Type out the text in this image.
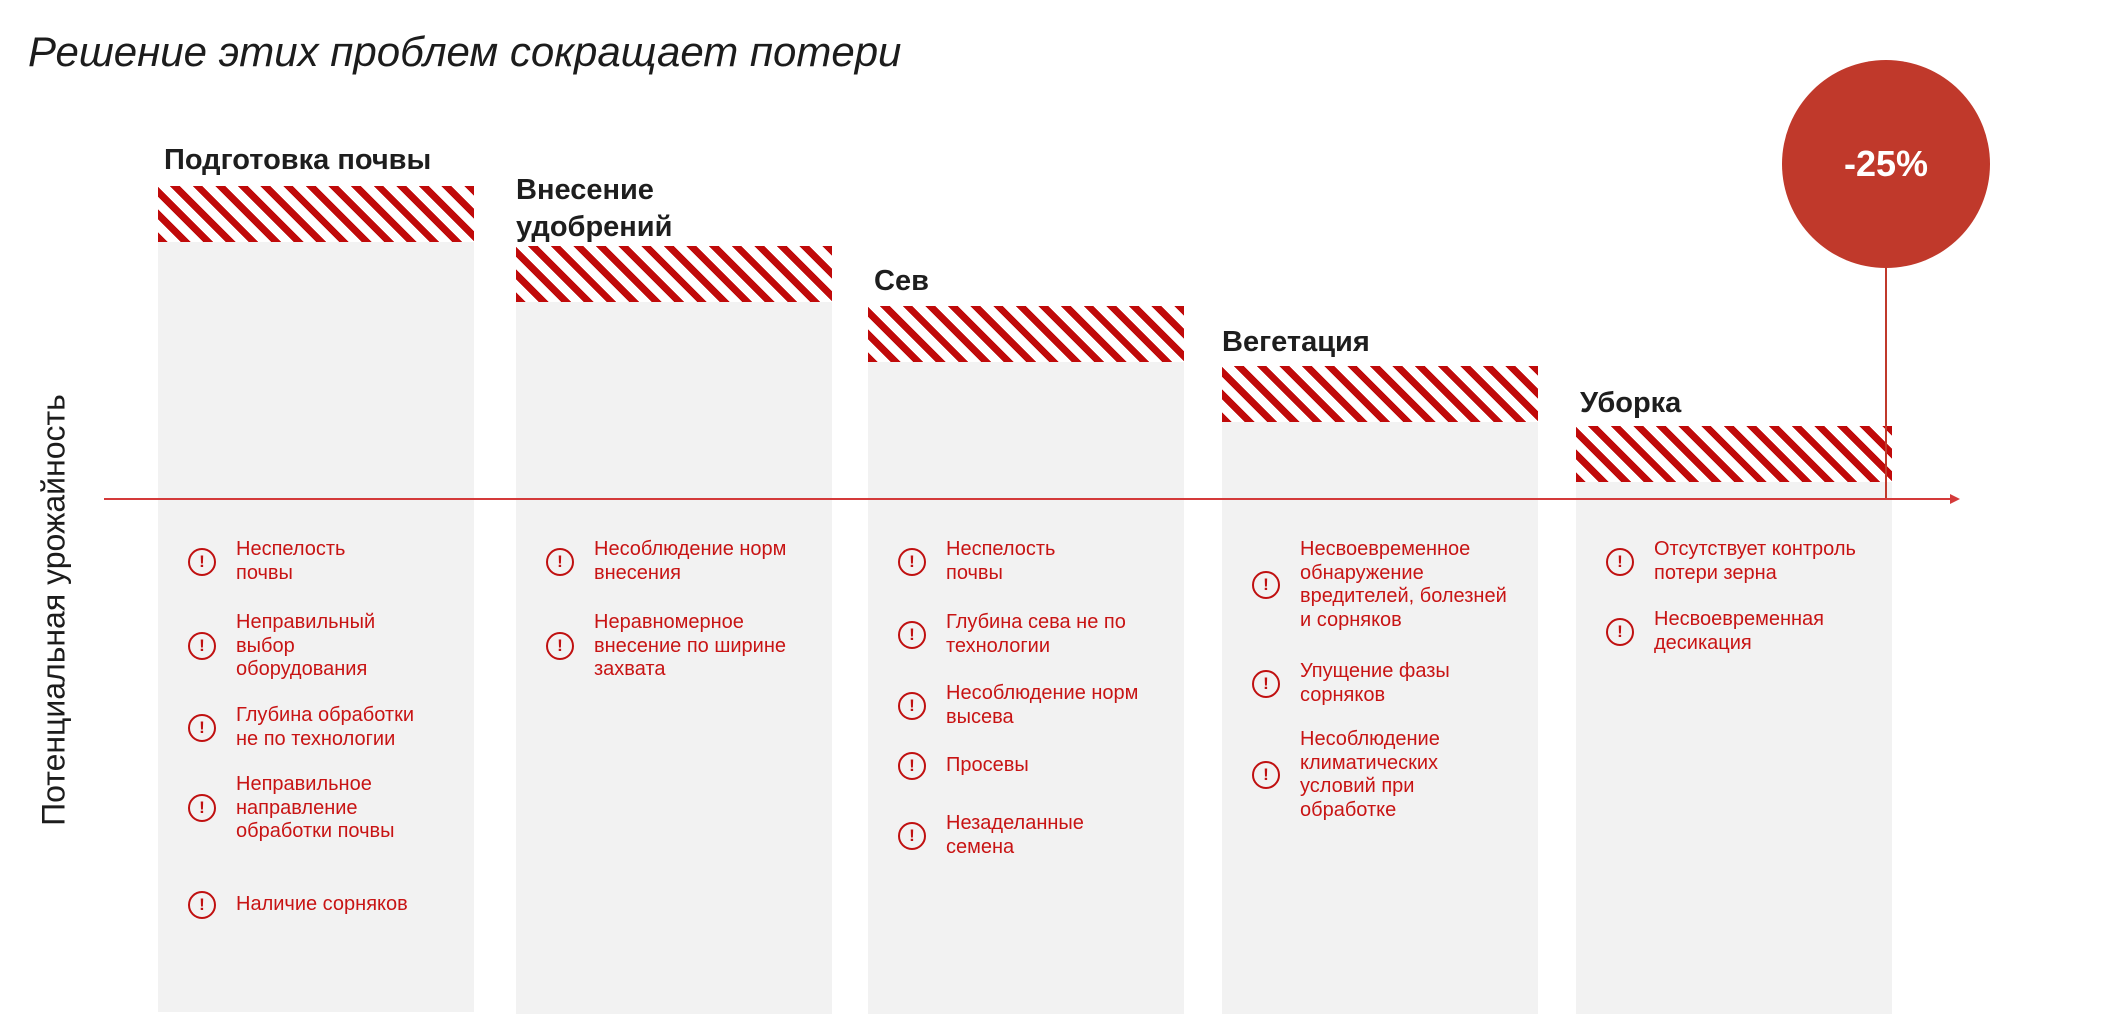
Решение этих проблем сокращает потери
Потенциальная урожайность
Подготовка почвы
!
Неспелость
почвы
!
Неправильный
выбор
оборудования
!
Глубина обработки
не по технологии
!
Неправильное
направление
обработки почвы
!	Наличие сорняков
Внесение
удобрений
!
Несоблюдение норм
внесения
!
Неравномерное
внесение по ширине
захвата
Сев
!
Неспелость
почвы
!
Глубина сева не по
технологии
!
Несоблюдение норм
высева
!	Просевы
!
Незаделанные
семена
Вегетация
!
Несвоевременное
обнаружение
вредителей, болезней
и сорняков
!
Упущение фазы
сорняков
!
Несоблюдение
климатических
условий при
обработке
Уборка
!
Отсутствует контроль
потери зерна
!
Несвоевременная
десикация
-25%
